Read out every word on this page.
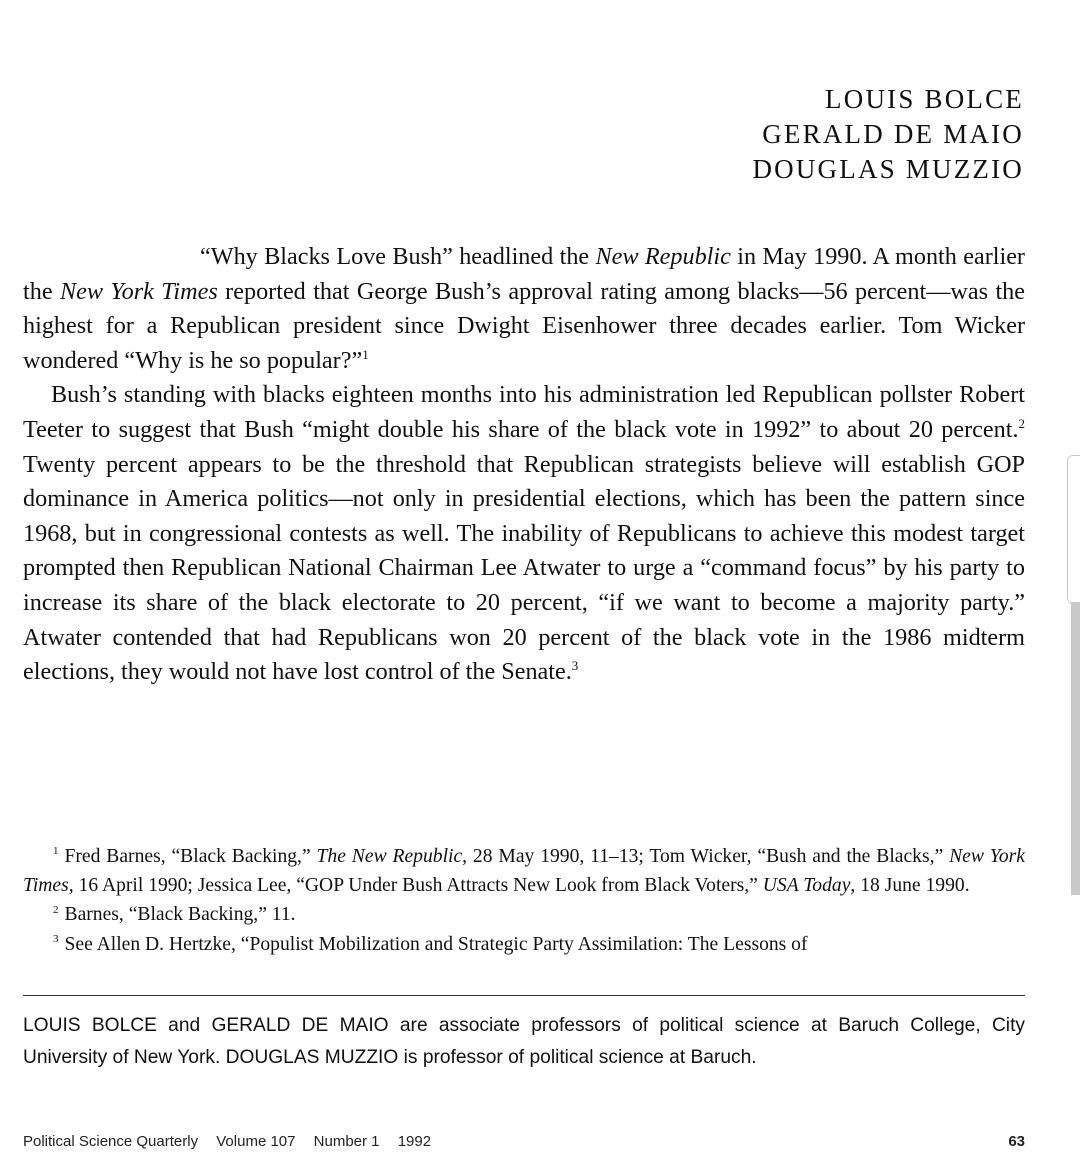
LOUIS BOLCE
GERALD DE MAIO
DOUGLAS MUZZIO

“Why Blacks Love Bush” headlined the New Republic in May 1990. A month earlier the New York Times reported that George Bush’s approval rating among blacks—56 percent—was the highest for a Republican president since Dwight Eisenhower three decades earlier. Tom Wicker wondered “Why is he so popular?”$^1$

Bush’s standing with blacks eighteen months into his administration led Republican pollster Robert Teeter to suggest that Bush “might double his share of the black vote in 1992” to about 20 percent.$^2$ Twenty percent appears to be the threshold that Republican strategists believe will establish GOP dominance in America politics—not only in presidential elections, which has been the pattern since 1968, but in congressional contests as well. The inability of Republicans to achieve this modest target prompted then Republican National Chairman Lee Atwater to urge a “command focus” by his party to increase its share of the black electorate to 20 percent, “if we want to become a majority party.” Atwater contended that had Republicans won 20 percent of the black vote in the 1986 midterm elections, they would not have lost control of the Senate.$^3$

$^1$ Fred Barnes, “Black Backing,” The New Republic, 28 May 1990, 11–13; Tom Wicker, “Bush and the Blacks,” New York Times, 16 April 1990; Jessica Lee, “GOP Under Bush Attracts New Look from Black Voters,” USA Today, 18 June 1990.

$^2$ Barnes, “Black Backing,” 11.

$^3$ See Allen D. Hertzke, “Populist Mobilization and Strategic Party Assimilation: The Lessons of

LOUIS BOLCE and GERALD DE MAIO are associate professors of political science at Baruch College, City University of New York. DOUGLAS MUZZIO is professor of political science at Baruch.
Political Science Quarterly Volume 107 Number 1 1992	63
